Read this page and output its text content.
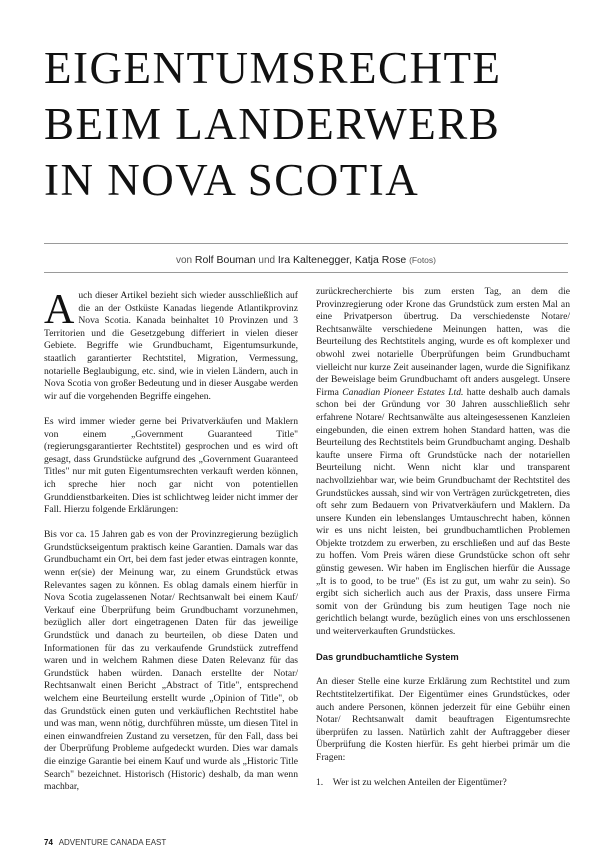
EIGENTUMSRECHTE
BEIM LANDERWERB
IN NOVA SCOTIA
von Rolf Bouman und Ira Kaltenegger, Katja Rose (Fotos)

Auch dieser Artikel bezieht sich wieder ausschließlich auf die an der Ostküste Kanadas liegende Atlantikprovinz Nova Scotia. Kanada beinhaltet 10 Provinzen und 3 Territorien und die Gesetzgebung differiert in vielen dieser Gebiete. Begriffe wie Grundbuchamt, Eigentumsurkunde, staatlich garantierter Rechtstitel, Migration, Vermessung, notarielle Beglaubigung, etc. sind, wie in vielen Ländern, auch in Nova Scotia von großer Bedeutung und in dieser Ausgabe werden wir auf die vorgehenden Begriffe eingehen.

Es wird immer wieder gerne bei Privatverkäufen und Maklern von einem „Government Guaranteed Title" (regierungsgarantierter Rechtstitel) gesprochen und es wird oft gesagt, dass Grundstücke aufgrund des „Government Guaranteed Titles" nur mit guten Eigentumsrechten verkauft werden können, ich spreche hier noch gar nicht von potentiellen Grunddienstbarkeiten. Dies ist schlichtweg leider nicht immer der Fall. Hierzu folgende Erklärungen:

Bis vor ca. 15 Jahren gab es von der Provinzregierung bezüglich Grundstückseigentum praktisch keine Garantien. Damals war das Grundbuchamt ein Ort, bei dem fast jeder etwas eintragen konnte, wenn er(sie) der Meinung war, zu einem Grundstück etwas Relevantes sagen zu können. Es oblag damals einem hierfür in Nova Scotia zugelassenen Notar/ Rechtsanwalt bei einem Kauf/ Verkauf eine Überprüfung beim Grundbuchamt vorzunehmen, bezüglich aller dort eingetragenen Daten für das jeweilige Grundstück und danach zu beurteilen, ob diese Daten und Informationen für das zu verkaufende Grundstück zutreffend waren und in welchem Rahmen diese Daten Relevanz für das Grundstück haben würden. Danach erstellte der Notar/ Rechtsanwalt einen Bericht „Abstract of Title", entsprechend welchem eine Beurteilung erstellt wurde „Opinion of Title", ob das Grundstück einen guten und verkäuflichen Rechtstitel habe und was man, wenn nötig, durchführen müsste, um diesen Titel in einen einwandfreien Zustand zu versetzen, für den Fall, dass bei der Überprüfung Probleme aufgedeckt wurden. Dies war damals die einzige Garantie bei einem Kauf und wurde als „Historic Title Search" bezeichnet. Historisch (Historic) deshalb, da man wenn machbar,

zurückrecherchierte bis zum ersten Tag, an dem die Provinzregierung oder Krone das Grundstück zum ersten Mal an eine Privatperson übertrug. Da verschiedenste Notare/ Rechtsanwälte verschiedene Meinungen hatten, was die Beurteilung des Rechtstitels anging, wurde es oft komplexer und obwohl zwei notarielle Überprüfungen beim Grundbuchamt vielleicht nur kurze Zeit auseinander lagen, wurde die Signifikanz der Beweislage beim Grundbuchamt oft anders ausgelegt. Unsere Firma Canadian Pioneer Estates Ltd. hatte deshalb auch damals schon bei der Gründung vor 30 Jahren ausschließlich sehr erfahrene Notare/ Rechtsanwälte aus alteingesessenen Kanzleien eingebunden, die einen extrem hohen Standard hatten, was die Beurteilung des Rechtstitels beim Grundbuchamt anging. Deshalb kaufte unsere Firma oft Grundstücke nach der notariellen Beurteilung nicht. Wenn nicht klar und transparent nachvollziehbar war, wie beim Grundbuchamt der Rechtstitel des Grundstückes aussah, sind wir von Verträgen zurückgetreten, dies oft sehr zum Bedauern von Privatverkäufern und Maklern. Da unsere Kunden ein lebenslanges Umtauschrecht haben, können wir es uns nicht leisten, bei grundbuchamtlichen Problemen Objekte trotzdem zu erwerben, zu erschließen und auf das Beste zu hoffen. Vom Preis wären diese Grundstücke schon oft sehr günstig gewesen. Wir haben im Englischen hierfür die Aussage „It is to good, to be true" (Es ist zu gut, um wahr zu sein). So ergibt sich sicherlich auch aus der Praxis, dass unsere Firma somit von der Gründung bis zum heutigen Tage noch nie gerichtlich belangt wurde, bezüglich eines von uns erschlossenen und weiterverkauften Grundstückes.

Das grundbuchamtliche System

An dieser Stelle eine kurze Erklärung zum Rechtstitel und zum Rechtstitelzertifikat. Der Eigentümer eines Grundstückes, oder auch andere Personen, können jederzeit für eine Gebühr einen Notar/ Rechtsanwalt damit beauftragen Eigentumsrechte überprüfen zu lassen. Natürlich zahlt der Auftraggeber dieser Überprüfung die Kosten hierfür. Es geht hierbei primär um die Fragen:

1. Wer ist zu welchen Anteilen der Eigentümer?

74 ADVENTURE CANADA EAST
